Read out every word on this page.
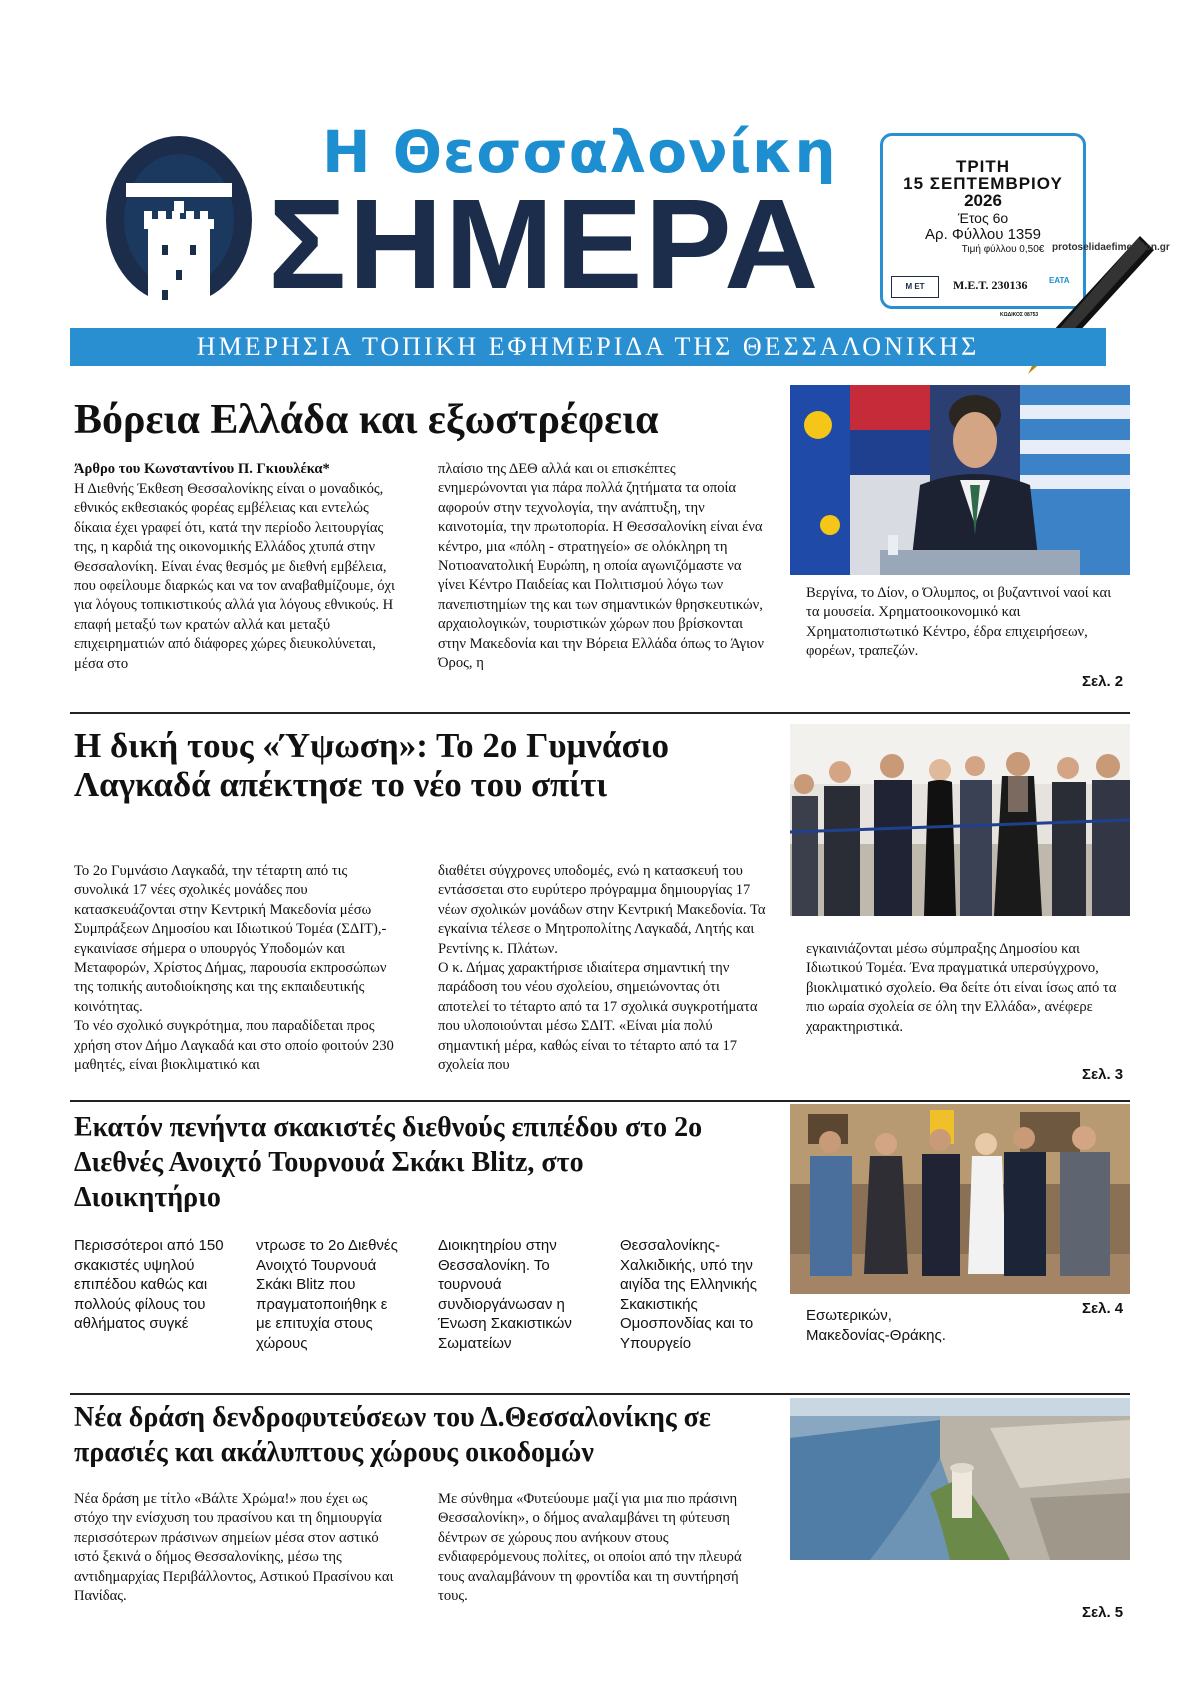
Η Θεσσαλονίκη
ΣΗΜΕΡΑ
ΤΡΙΤΗ
15 ΣΕΠΤΕΜΒΡΙΟΥ
2026
Έτος 6ο
Αρ. Φύλλου 1359
Τιμή φύλλου 0,50€
Μ ΕΤ	Μ.Ε.Τ. 230136	ΕΑΤΑ
protoselidaefimeridon.gr
ΚΩΔΙΚΟΣ 08753
ΗΜΕΡΗΣΙΑ ΤΟΠΙΚΗ ΕΦΗΜΕΡΙΔΑ ΤΗΣ ΘΕΣΣΑΛΟΝΙΚΗΣ
Βόρεια Ελλάδα και εξωστρέφεια
Άρθρο του Κωνσταντίνου Π. Γκιουλέκα*
Η Διεθνής Έκθεση Θεσσαλονίκης είναι ο μοναδικός, εθνικός εκθεσιακός φορέας εμβέλειας και εντελώς δίκαια έχει γραφεί ότι, κατά την περίοδο λειτουργίας της, η καρδιά της οικονομικής Ελλάδος χτυπά στην Θεσσαλονίκη. Είναι ένας θεσμός με διεθνή εμβέλεια, που οφείλουμε διαρκώς και να τον αναβαθμίζουμε, όχι για λόγους τοπικιστικούς αλλά για λόγους εθνικούς. Η επαφή μεταξύ των κρατών αλλά και μεταξύ επιχειρηματιών από διάφορες χώρες διευκολύνεται, μέσα στο
πλαίσιο της ΔΕΘ αλλά και οι επισκέπτες ενημερώνονται για πάρα πολλά ζητήματα τα οποία αφορούν στην τεχνολογία, την ανάπτυξη, την καινοτομία, την πρωτοπορία. Η Θεσσαλονίκη είναι ένα κέντρο, μια «πόλη - στρατηγείο» σε ολόκληρη τη Νοτιοανατολική Ευρώπη, η οποία αγωνιζόμαστε να γίνει Κέντρο Παιδείας και Πολιτισμού λόγω των πανεπιστημίων της και των σημαντικών θρησκευτικών, αρχαιολογικών, τουριστικών χώρων που βρίσκονται στην Μακεδονία και την Βόρεια Ελλάδα όπως το Άγιον Όρος, η
Βεργίνα, το Δίον, ο Όλυμπος, οι βυζαντινοί ναοί και τα μουσεία. Χρηματοοικονομικό και Χρηματοπιστωτικό Κέντρο, έδρα επιχειρήσεων, φορέων, τραπεζών.
Σελ. 2
Η δική τους «Ύψωση»: Το 2ο Γυμνάσιο Λαγκαδά απέκτησε το νέο του σπίτι
Το 2ο Γυμνάσιο Λαγκαδά, την τέταρτη από τις συνολικά 17 νέες σχολικές μονάδες που κατασκευάζονται στην Κεντρική Μακεδονία μέσω Συμπράξεων Δημοσίου και Ιδιωτικού Τομέα (ΣΔΙΤ),- εγκαινίασε σήμερα ο υπουργός Υποδομών και Μεταφορών, Χρίστος Δήμας, παρουσία εκπροσώπων της τοπικής αυτοδιοίκησης και της εκπαιδευτικής κοινότητας.
Το νέο σχολικό συγκρότημα, που παραδίδεται προς χρήση στον Δήμο Λαγκαδά και στο οποίο φοιτούν 230 μαθητές, είναι βιοκλιματικό και
διαθέτει σύγχρονες υποδομές, ενώ η κατασκευή του εντάσσεται στο ευρύτερο πρόγραμμα δημιουργίας 17 νέων σχολικών μονάδων στην Κεντρική Μακεδονία. Τα εγκαίνια τέλεσε ο Μητροπολίτης Λαγκαδά, Λητής και Ρεντίνης κ. Πλάτων.
Ο κ. Δήμας χαρακτήρισε ιδιαίτερα σημαντική την παράδοση του νέου σχολείου, σημειώνοντας ότι αποτελεί το τέταρτο από τα 17 σχολικά συγκροτήματα που υλοποιούνται μέσω ΣΔΙΤ. «Είναι μία πολύ σημαντική μέρα, καθώς είναι το τέταρτο από τα 17 σχολεία που
εγκαινιάζονται μέσω σύμπραξης Δημοσίου και Ιδιωτικού Τομέα. Ένα πραγματικά υπερσύγχρονο, βιοκλιματικό σχολείο. Θα δείτε ότι είναι ίσως από τα πιο ωραία σχολεία σε όλη την Ελλάδα», ανέφερε χαρακτηριστικά.
Σελ. 3
Εκατόν πενήντα σκακιστές διεθνούς επιπέδου στο 2ο Διεθνές Ανοιχτό Τουρνουά Σκάκι Blitz, στο Διοικητήριο
Περισσότεροι από 150 σκακιστές υψηλού επιπέδου καθώς και πολλούς φίλους του αθλήματος συγκέ
ντρωσε το 2ο Διεθνές Ανοιχτό Τουρνουά Σκάκι Blitz που πραγματοποιήθηκ ε με επιτυχία στους χώρους
Διοικητηρίου στην Θεσσαλονίκη. Το τουρνουά συνδιοργάνωσαν η Ένωση Σκακιστικών Σωματείων
Θεσσαλονίκης-Χαλκιδικής, υπό την αιγίδα της Ελληνικής Σκακιστικής Ομοσπονδίας και το Υπουργείο
Εσωτερικών, Μακεδονίας-Θράκης.
Σελ. 4
Νέα δράση δενδροφυτεύσεων του Δ.Θεσσαλονίκης σε πρασιές και ακάλυπτους χώρους οικοδομών
Νέα δράση με τίτλο «Βάλτε Χρώμα!» που έχει ως στόχο την ενίσχυση του πρασίνου και τη δημιουργία περισσότερων πράσινων σημείων μέσα στον αστικό ιστό ξεκινά ο δήμος Θεσσαλονίκης, μέσω της αντιδημαρχίας Περιβάλλοντος, Αστικού Πρασίνου και Πανίδας.
Με σύνθημα «Φυτεύουμε μαζί για μια πιο πράσινη Θεσσαλονίκη», ο δήμος αναλαμβάνει τη φύτευση δέντρων σε χώρους που ανήκουν στους ενδιαφερόμενους πολίτες, οι οποίοι από την πλευρά τους αναλαμβάνουν τη φροντίδα και τη συντήρησή τους.
Σελ. 5
